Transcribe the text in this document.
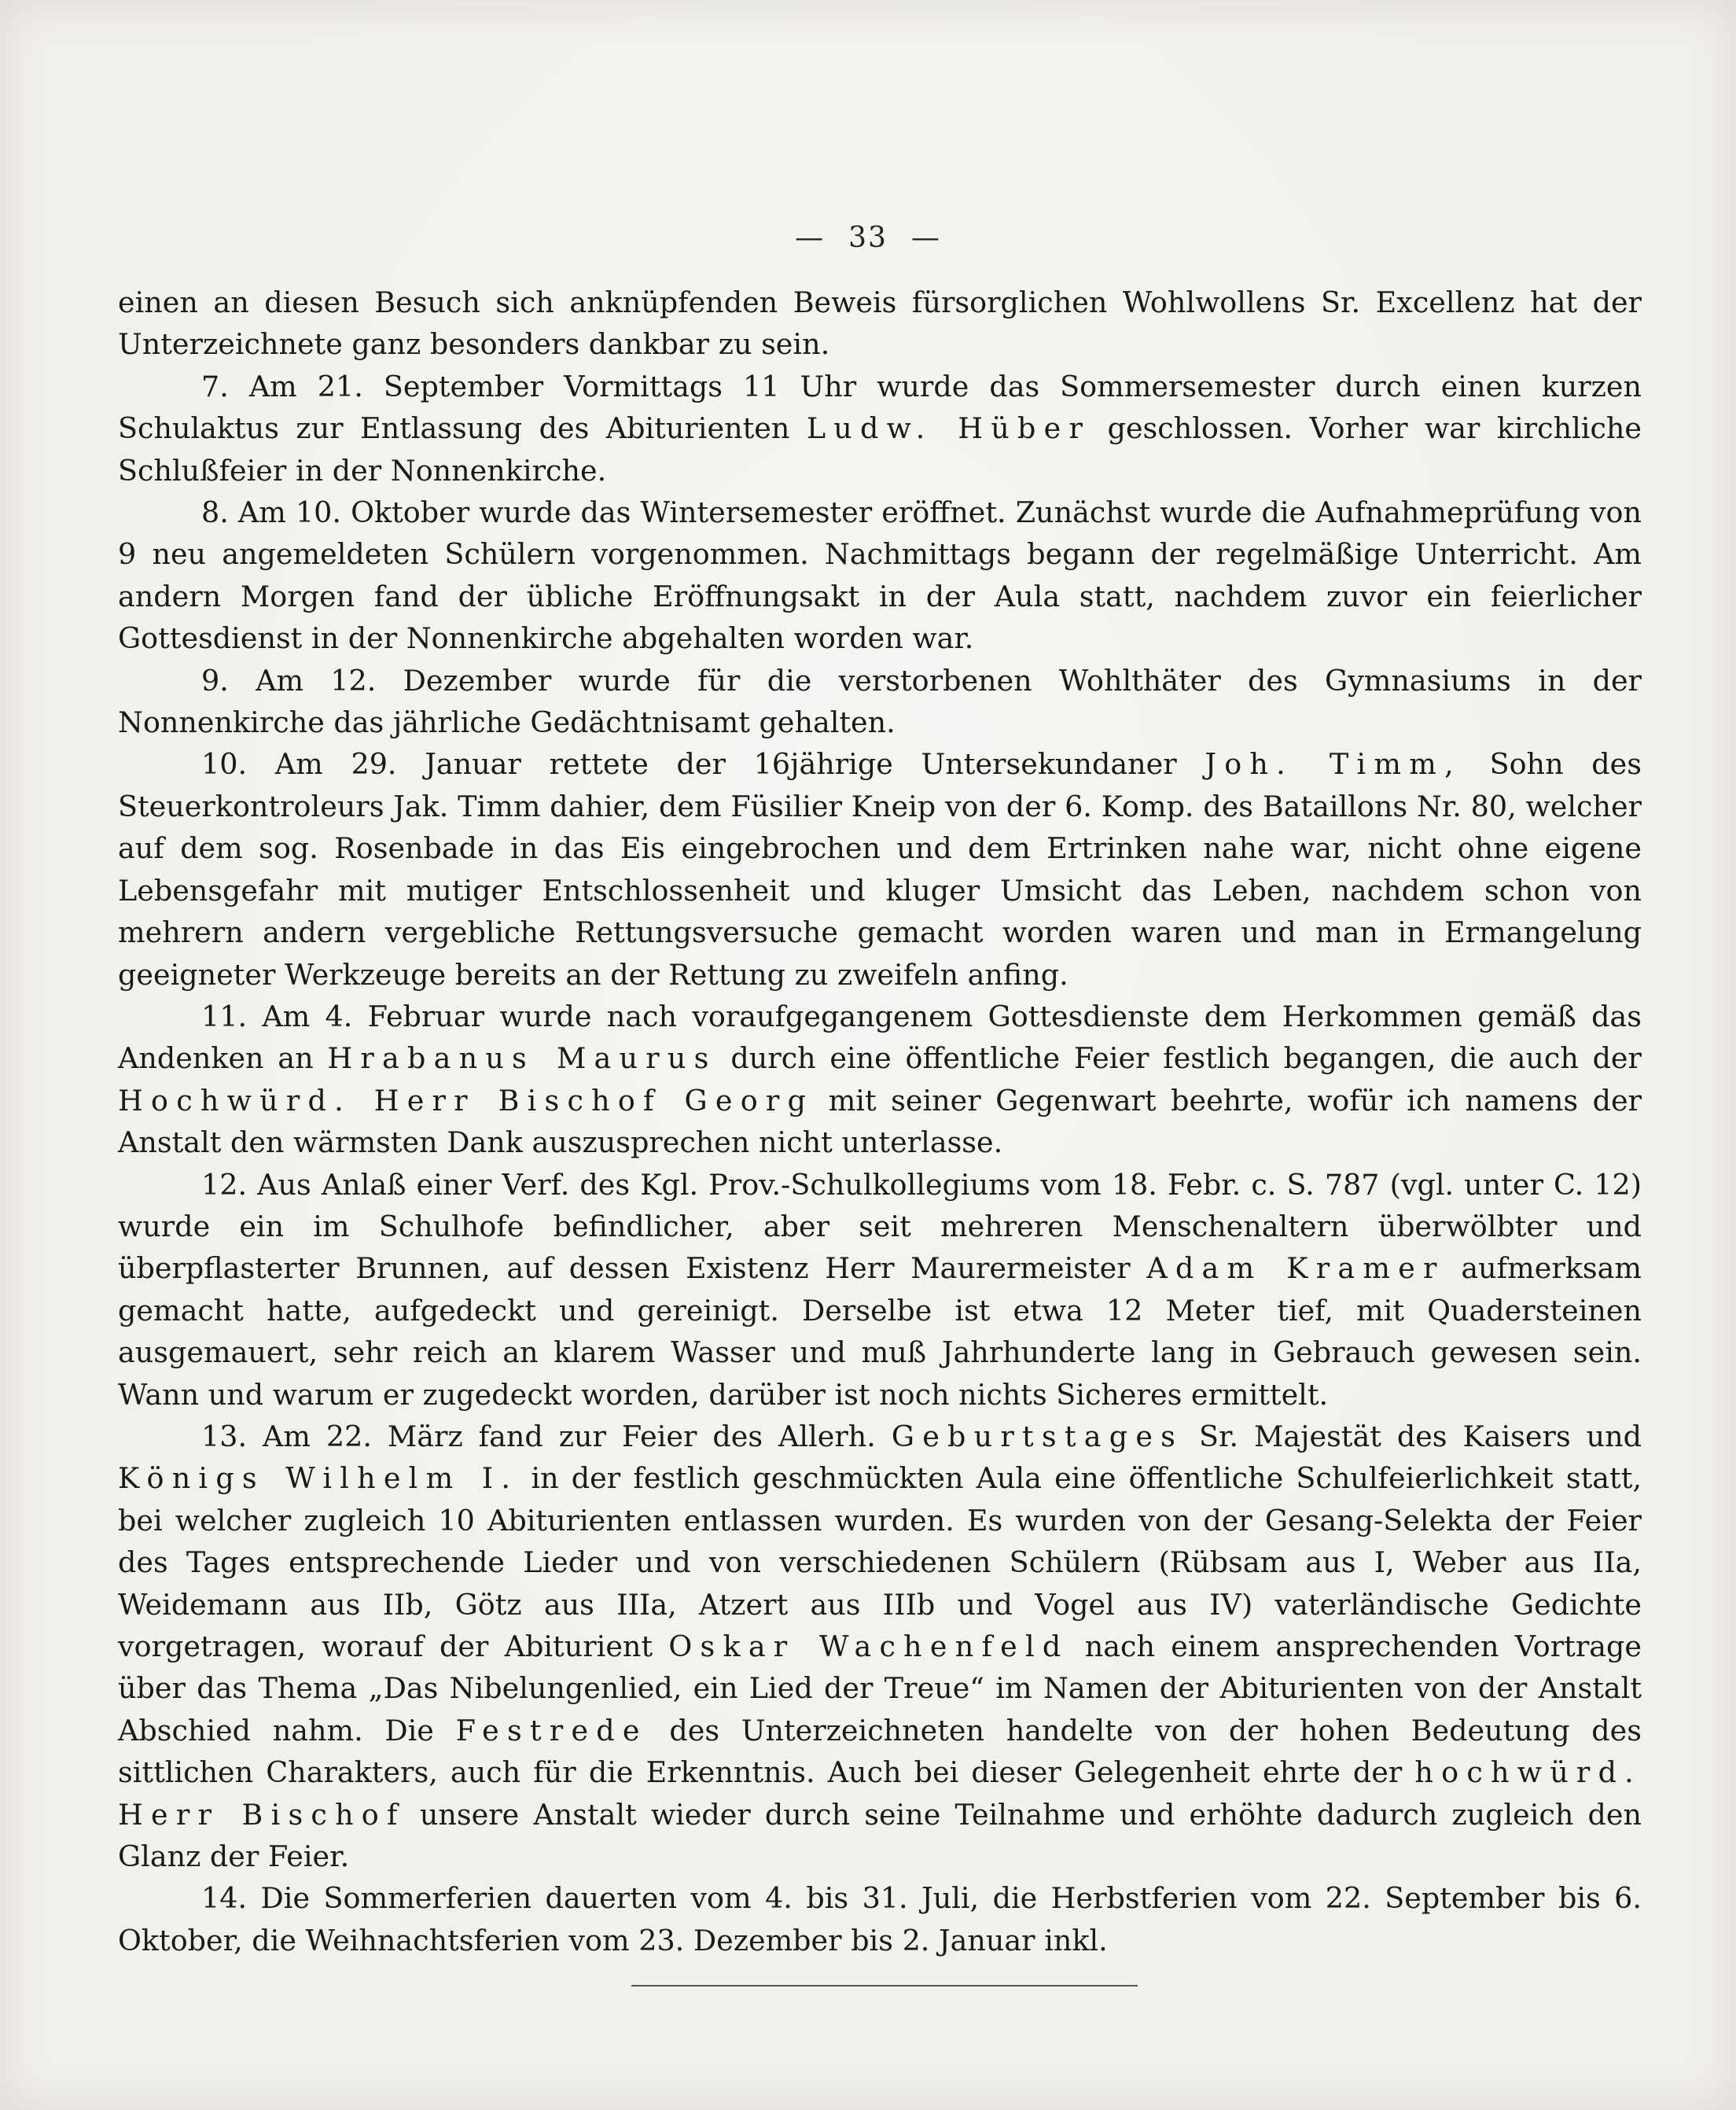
— 33 —

einen an diesen Besuch sich anknüpfenden Beweis fürsorglichen Wohlwollens Sr. Excellenz hat der Unterzeichnete ganz besonders dankbar zu sein.

7. Am 21. September Vormittags 11 Uhr wurde das Sommersemester durch einen kurzen Schulaktus zur Entlassung des Abiturienten Ludw. Hüber geschlossen. Vorher war kirchliche Schlußfeier in der Nonnenkirche.

8. Am 10. Oktober wurde das Wintersemester eröffnet. Zunächst wurde die Aufnahmeprüfung von 9 neu angemeldeten Schülern vorgenommen. Nachmittags begann der regelmäßige Unterricht. Am andern Morgen fand der übliche Eröffnungsakt in der Aula statt, nachdem zuvor ein feierlicher Gottesdienst in der Nonnenkirche abgehalten worden war.

9. Am 12. Dezember wurde für die verstorbenen Wohlthäter des Gymnasiums in der Nonnenkirche das jährliche Gedächtnisamt gehalten.

10. Am 29. Januar rettete der 16jährige Untersekundaner Joh. Timm, Sohn des Steuerkontroleurs Jak. Timm dahier, dem Füsilier Kneip von der 6. Komp. des Bataillons Nr. 80, welcher auf dem sog. Rosenbade in das Eis eingebrochen und dem Ertrinken nahe war, nicht ohne eigene Lebensgefahr mit mutiger Entschlossenheit und kluger Umsicht das Leben, nachdem schon von mehrern andern vergebliche Rettungsversuche gemacht worden waren und man in Ermangelung geeigneter Werkzeuge bereits an der Rettung zu zweifeln anfing.

11. Am 4. Februar wurde nach voraufgegangenem Gottesdienste dem Herkommen gemäß das Andenken an Hrabanus Maurus durch eine öffentliche Feier festlich begangen, die auch der Hochwürd. Herr Bischof Georg mit seiner Gegenwart beehrte, wofür ich namens der Anstalt den wärmsten Dank auszusprechen nicht unterlasse.

12. Aus Anlaß einer Verf. des Kgl. Prov.-Schulkollegiums vom 18. Febr. c. S. 787 (vgl. unter C. 12) wurde ein im Schulhofe befindlicher, aber seit mehreren Menschenaltern überwölbter und überpflasterter Brunnen, auf dessen Existenz Herr Maurermeister Adam Kramer aufmerksam gemacht hatte, aufgedeckt und gereinigt. Derselbe ist etwa 12 Meter tief, mit Quadersteinen ausgemauert, sehr reich an klarem Wasser und muß Jahrhunderte lang in Gebrauch gewesen sein. Wann und warum er zugedeckt worden, darüber ist noch nichts Sicheres ermittelt.

13. Am 22. März fand zur Feier des Allerh. Geburtstages Sr. Majestät des Kaisers und Königs Wilhelm I. in der festlich geschmückten Aula eine öffentliche Schulfeierlichkeit statt, bei welcher zugleich 10 Abiturienten entlassen wurden. Es wurden von der Gesang-Selekta der Feier des Tages entsprechende Lieder und von verschiedenen Schülern (Rübsam aus I, Weber aus IIa, Weidemann aus IIb, Götz aus IIIa, Atzert aus IIIb und Vogel aus IV) vaterländische Gedichte vorgetragen, worauf der Abiturient Oskar Wachenfeld nach einem ansprechenden Vortrage über das Thema „Das Nibelungenlied, ein Lied der Treue“ im Namen der Abiturienten von der Anstalt Abschied nahm. Die Festrede des Unterzeichneten handelte von der hohen Bedeutung des sittlichen Charakters, auch für die Erkenntnis. Auch bei dieser Gelegenheit ehrte der hochwürd. Herr Bischof unsere Anstalt wieder durch seine Teilnahme und erhöhte dadurch zugleich den Glanz der Feier.

14. Die Sommerferien dauerten vom 4. bis 31. Juli, die Herbstferien vom 22. September bis 6. Oktober, die Weihnachtsferien vom 23. Dezember bis 2. Januar inkl.
